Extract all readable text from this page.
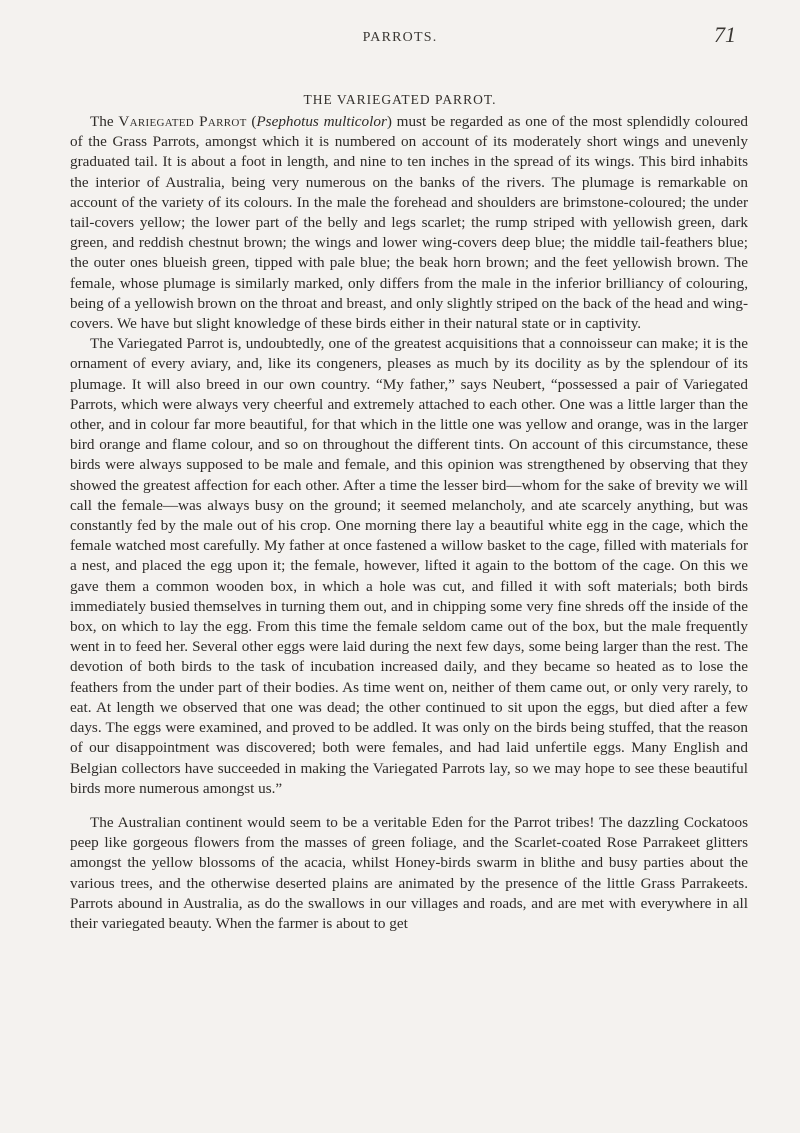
PARROTS.	71
THE VARIEGATED PARROT.

The Variegated Parrot (Psephotus multicolor) must be regarded as one of the most splendidly coloured of the Grass Parrots, amongst which it is numbered on account of its moderately short wings and unevenly graduated tail. It is about a foot in length, and nine to ten inches in the spread of its wings. This bird inhabits the interior of Australia, being very numerous on the banks of the rivers. The plumage is remarkable on account of the variety of its colours. In the male the forehead and shoulders are brimstone-coloured; the under tail-covers yellow; the lower part of the belly and legs scarlet; the rump striped with yellowish green, dark green, and reddish chestnut brown; the wings and lower wing-covers deep blue; the middle tail-feathers blue; the outer ones blueish green, tipped with pale blue; the beak horn brown; and the feet yellowish brown. The female, whose plumage is similarly marked, only differs from the male in the inferior brilliancy of colouring, being of a yellowish brown on the throat and breast, and only slightly striped on the back of the head and wing-covers. We have but slight knowledge of these birds either in their natural state or in captivity.

The Variegated Parrot is, undoubtedly, one of the greatest acquisitions that a connoisseur can make; it is the ornament of every aviary, and, like its congeners, pleases as much by its docility as by the splendour of its plumage. It will also breed in our own country. “My father,” says Neubert, “possessed a pair of Variegated Parrots, which were always very cheerful and extremely attached to each other. One was a little larger than the other, and in colour far more beautiful, for that which in the little one was yellow and orange, was in the larger bird orange and flame colour, and so on throughout the different tints. On account of this circumstance, these birds were always supposed to be male and female, and this opinion was strengthened by observing that they showed the greatest affection for each other. After a time the lesser bird—whom for the sake of brevity we will call the female—was always busy on the ground; it seemed melancholy, and ate scarcely anything, but was constantly fed by the male out of his crop. One morning there lay a beautiful white egg in the cage, which the female watched most carefully. My father at once fastened a willow basket to the cage, filled with materials for a nest, and placed the egg upon it; the female, however, lifted it again to the bottom of the cage. On this we gave them a common wooden box, in which a hole was cut, and filled it with soft materials; both birds immediately busied themselves in turning them out, and in chipping some very fine shreds off the inside of the box, on which to lay the egg. From this time the female seldom came out of the box, but the male frequently went in to feed her. Several other eggs were laid during the next few days, some being larger than the rest. The devotion of both birds to the task of incubation increased daily, and they became so heated as to lose the feathers from the under part of their bodies. As time went on, neither of them came out, or only very rarely, to eat. At length we observed that one was dead; the other continued to sit upon the eggs, but died after a few days. The eggs were examined, and proved to be addled. It was only on the birds being stuffed, that the reason of our disappointment was discovered; both were females, and had laid unfertile eggs. Many English and Belgian collectors have succeeded in making the Variegated Parrots lay, so we may hope to see these beautiful birds more numerous amongst us.”

The Australian continent would seem to be a veritable Eden for the Parrot tribes! The dazzling Cockatoos peep like gorgeous flowers from the masses of green foliage, and the Scarlet-coated Rose Parrakeet glitters amongst the yellow blossoms of the acacia, whilst Honey-birds swarm in blithe and busy parties about the various trees, and the otherwise deserted plains are animated by the presence of the little Grass Parrakeets. Parrots abound in Australia, as do the swallows in our villages and roads, and are met with everywhere in all their variegated beauty. When the farmer is about to get
